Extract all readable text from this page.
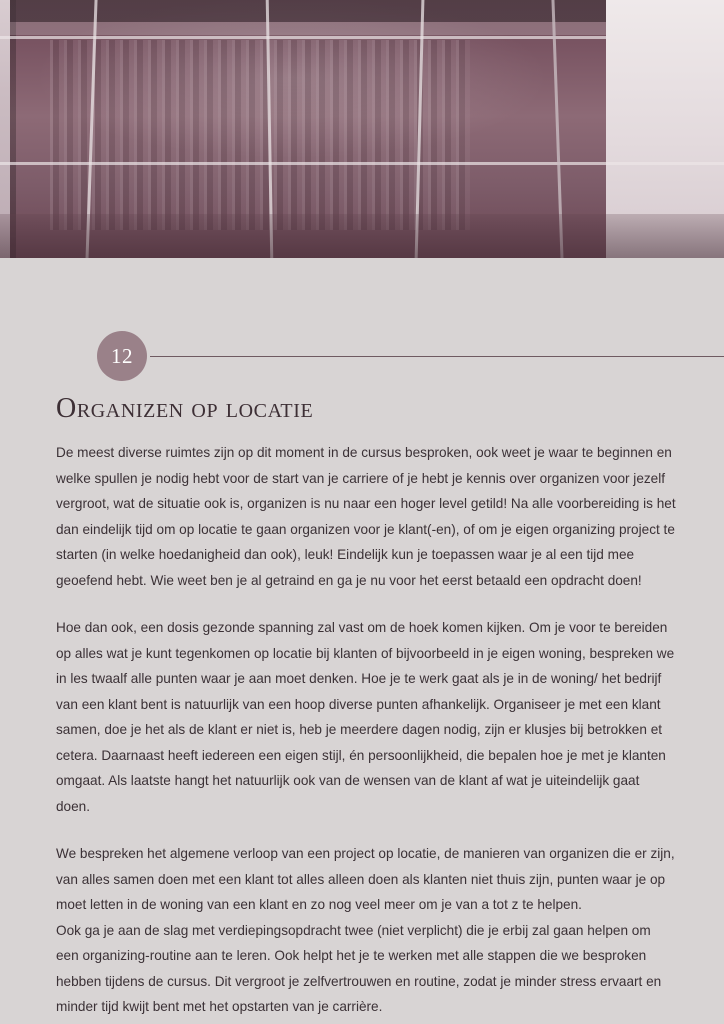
12
Organizen op locatie

De meest diverse ruimtes zijn op dit moment in de cursus besproken, ook weet je waar te beginnen en welke spullen je nodig hebt voor de start van je carriere of je hebt je kennis over organizen voor jezelf vergroot, wat de situatie ook is, organizen is nu naar een hoger level getild! Na alle voorbereiding is het dan eindelijk tijd om op locatie te gaan organizen voor je klant(-en), of om je eigen organizing project te starten (in welke hoedanigheid dan ook), leuk! Eindelijk kun je toepassen waar je al een tijd mee geoefend hebt. Wie weet ben je al getraind en ga je nu voor het eerst betaald een opdracht doen!

Hoe dan ook, een dosis gezonde spanning zal vast om de hoek komen kijken. Om je voor te bereiden op alles wat je kunt tegenkomen op locatie bij klanten of bijvoorbeeld in je eigen woning, bespreken we in les twaalf alle punten waar je aan moet denken. Hoe je te werk gaat als je in de woning/ het bedrijf van een klant bent is natuurlijk van een hoop diverse punten afhankelijk. Organiseer je met een klant samen, doe je het als de klant er niet is, heb je meerdere dagen nodig, zijn er klusjes bij betrokken et cetera. Daarnaast heeft iedereen een eigen stijl, én persoonlijkheid, die bepalen hoe je met je klanten omgaat. Als laatste hangt het natuurlijk ook van de wensen van de klant af wat je uiteindelijk gaat doen.

We bespreken het algemene verloop van een project op locatie, de manieren van organizen die er zijn, van alles samen doen met een klant tot alles alleen doen als klanten niet thuis zijn, punten waar je op moet letten in de woning van een klant en zo nog veel meer om je van a tot z te helpen.

Ook ga je aan de slag met verdiepingsopdracht twee (niet verplicht) die je erbij zal gaan helpen om een organizing-routine aan te leren. Ook helpt het je te werken met alle stappen die we besproken hebben tijdens de cursus. Dit vergroot je zelfvertrouwen en routine, zodat je minder stress ervaart en minder tijd kwijt bent met het opstarten van je carrière.
